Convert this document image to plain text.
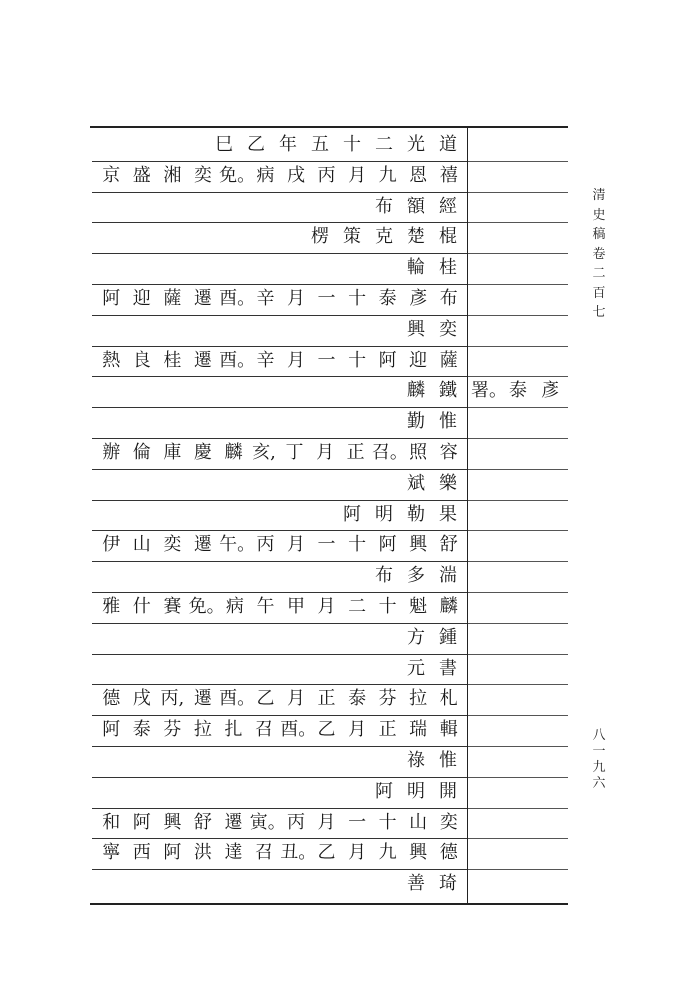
巳 乙 年 五 十 二 光 道
京 盛 湘 奕 免。 病 戌 丙 月 九 恩 禧
布 額 經
楞 策 克 楚 棍
輪 桂
阿 迎 薩 遷 酉。 辛 月 一 十 泰 彥 布
興 奕
熱 良 桂 遷 酉。 辛 月 一 十 阿 迎 薩
麟 鐵 署。 泰 彥
勤 惟
辦 倫 庫 慶 麟 亥, 丁 月 正 召。 照 容
斌 樂
阿 明 勒 果
伊 山 奕 遷 午。 丙 月 一 十 阿 興 舒
布 多 湍
雅 什 賽 免。 病 午 甲 月 二 十 魁 麟
方 鍾
元 書
德 戌 丙, 遷 酉。 乙 月 正 泰 芬 拉 札
阿 泰 芬 拉 扎 召 酉。 乙 月 正 瑞 輯
祿 惟
阿 明 開
和 阿 興 舒 遷 寅。 丙 月 一 十 山 奕
寧 西 阿 洪 達 召 丑。 乙 月 九 興 德
善 琦
清
史
稿
卷
二
百
七
八
一
九
六
